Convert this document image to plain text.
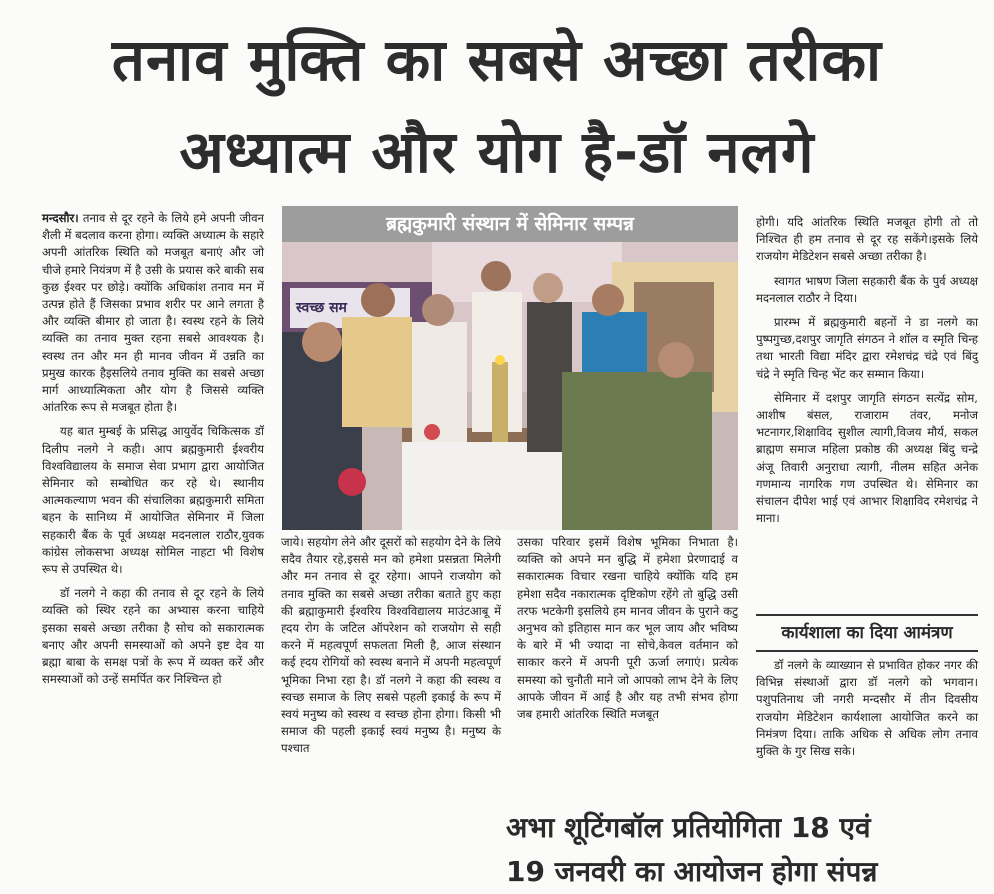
तनाव मुक्ति का सबसे अच्छा तरीका
अध्यात्म और योग है-डॉ नलगे

मन्दसौर। तनाव से दूर रहने के लिये हमे अपनी जीवन शैली में बदलाव करना होगा। व्यक्ति अध्यात्म के सहारे अपनी आंतरिक स्थिति को मजबूत बनाएं और जो चीजे हमारे नियंत्रण में है उसी के प्रयास करे बाकी सब कुछ ईश्वर पर छोड़े। क्योंकि अधिकांश तनाव मन में उत्पन्न होते हैं जिसका प्रभाव शरीर पर आने लगता है और व्यक्ति बीमार हो जाता है। स्वस्थ रहने के लिये व्यक्ति का तनाव मुक्त रहना सबसे आवश्यक है। स्वस्थ तन और मन ही मानव जीवन में उन्नति का प्रमुख कारक हैइसलिये तनाव मुक्ति का सबसे अच्छा मार्ग आध्यात्मिकता और योग है जिससे व्यक्ति आंतरिक रूप से मजबूत होता है।

यह बात मुम्बई के प्रसिद्ध आयुर्वेद चिकित्सक डॉ दिलीप नलगे ने कही। आप ब्रह्मकुमारी ईश्वरीय विश्वविद्यालय के समाज सेवा प्रभाग द्वारा आयोजित सेमिनार को सम्बोधित कर रहे थे। स्थानीय आत्मकल्याण भवन की संचालिका ब्रह्मकुमारी समिता बहन के सानिध्य में आयोजित सेमिनार में जिला सहकारी बैंक के पूर्व अध्यक्ष मदनलाल राठौर,युवक कांग्रेस लोकसभा अध्यक्ष सोमिल नाहटा भी विशेष रूप से उपस्थित थे।

डॉ नलगे ने कहा की तनाव से दूर रहने के लिये व्यक्ति को स्थिर रहने का अभ्यास करना चाहिये इसका सबसे अच्छा तरीका है सोच को सकारात्मक बनाए और अपनी समस्याओं को अपने इष्ट देव या ब्रह्मा बाबा के समक्ष पत्रों के रूप में व्यक्त करें और समस्याओं को उन्हें समर्पित कर निश्चिन्त हो

ब्रह्मकुमारी संस्थान में सेमिनार सम्पन्न
स्वच्छ सम

जाये। सहयोग लेने और दूसरों को सहयोग देने के लिये सदैव तैयार रहे,इससे मन को हमेशा प्रसन्नता मिलेगी और मन तनाव से दूर रहेगा। आपने राजयोग को तनाव मुक्ति का सबसे अच्छा तरीका बताते हुए कहा की ब्रह्माकुमारी ईश्वरिय विश्वविद्यालय माउंटआबू में ह्दय रोग के जटिल ऑपरेशन को राजयोग से सही करने में महत्वपूर्ण सफलता मिली है, आज संस्थान कई ह्दय रोगियों को स्वस्थ बनाने में अपनी महत्वपूर्ण भूमिका निभा रहा है। डॉ नलगे ने कहा की स्वस्थ व स्वच्छ समाज के लिए सबसे पहली इकाई के रूप में स्वयं मनुष्य को स्वस्थ व स्वच्छ होना होगा। किसी भी समाज की पहली इकाई स्वयं मनुष्य है। मनुष्य के पश्चात

उसका परिवार इसमें विशेष भूमिका निभाता है। व्यक्ति को अपने मन बुद्धि में हमेशा प्रेरणादाई व सकारात्मक विचार रखना चाहिये क्योंकि यदि हम हमेशा सदैव नकारात्मक दृष्टिकोण रहेंगे तो बुद्धि उसी तरफ भटकेगी इसलिये हम मानव जीवन के पुराने कटु अनुभव को इतिहास मान कर भूल जाय और भविष्य के बारे में भी ज्यादा ना सोचे,केवल वर्तमान को साकार करने में अपनी पूरी ऊर्जा लगाएं। प्रत्येक समस्या को चुनौती माने जो आपको लाभ देने के लिए आपके जीवन में आई है और यह तभी संभव होगा जब हमारी आंतरिक स्थिति मजबूत

होगी। यदि आंतरिक स्थिति मजबूत होगी तो तो निश्चित ही हम तनाव से दूर रह सकेंगे।इसके लिये राजयोग मेडिटेशन सबसे अच्छा तरीका है।

स्वागत भाषण जिला सहकारी बैंक के पुर्व अध्यक्ष मदनलाल राठौर ने दिया।

प्रारम्भ में ब्रह्मकुमारी बहनों ने डा नलगे का पुष्पगुच्छ,दशपुर जागृति संगठन ने शॉल व स्मृति चिन्ह तथा भारती विद्या मंदिर द्वारा रमेशचंद्र चंद्रे एवं बिंदु चंद्रे ने स्मृति चिन्ह भेंट कर सम्मान किया।

सेमिनार में दशपुर जागृति संगठन सत्येंद्र सोम, आशीष बंसल, राजाराम तंवर, मनोज भटनागर,शिक्षाविद सुशील त्यागी,विजय मौर्य, सकल ब्राह्मण समाज महिला प्रकोष्ठ की अध्यक्ष बिंदु चन्द्रे अंजू तिवारी अनुराधा त्यागी, नीलम सहित अनेक गणमान्य नागरिक गण उपस्थित थे। सेमिनार का संचालन दीपेश भाई एवं आभार शिक्षाविद रमेशचंद्र ने माना।

कार्यशाला का दिया आमंत्रण

डॉ नलगे के व्याख्यान से प्रभावित होकर नगर की विभिन्न संस्थाओं द्वारा डॉ नलगे को भगवान। पशुपतिनाथ जी नगरी मन्दसौर में तीन दिवसीय राजयोग मेडिटेशन कार्यशाला आयोजित करने का निमंत्रण दिया। ताकि अधिक से अधिक लोग तनाव मुक्ति के गुर सिख सके।

अभा शूटिंगबॉल प्रतियोगिता 18 एवं
19 जनवरी का आयोजन होगा संपन्न
